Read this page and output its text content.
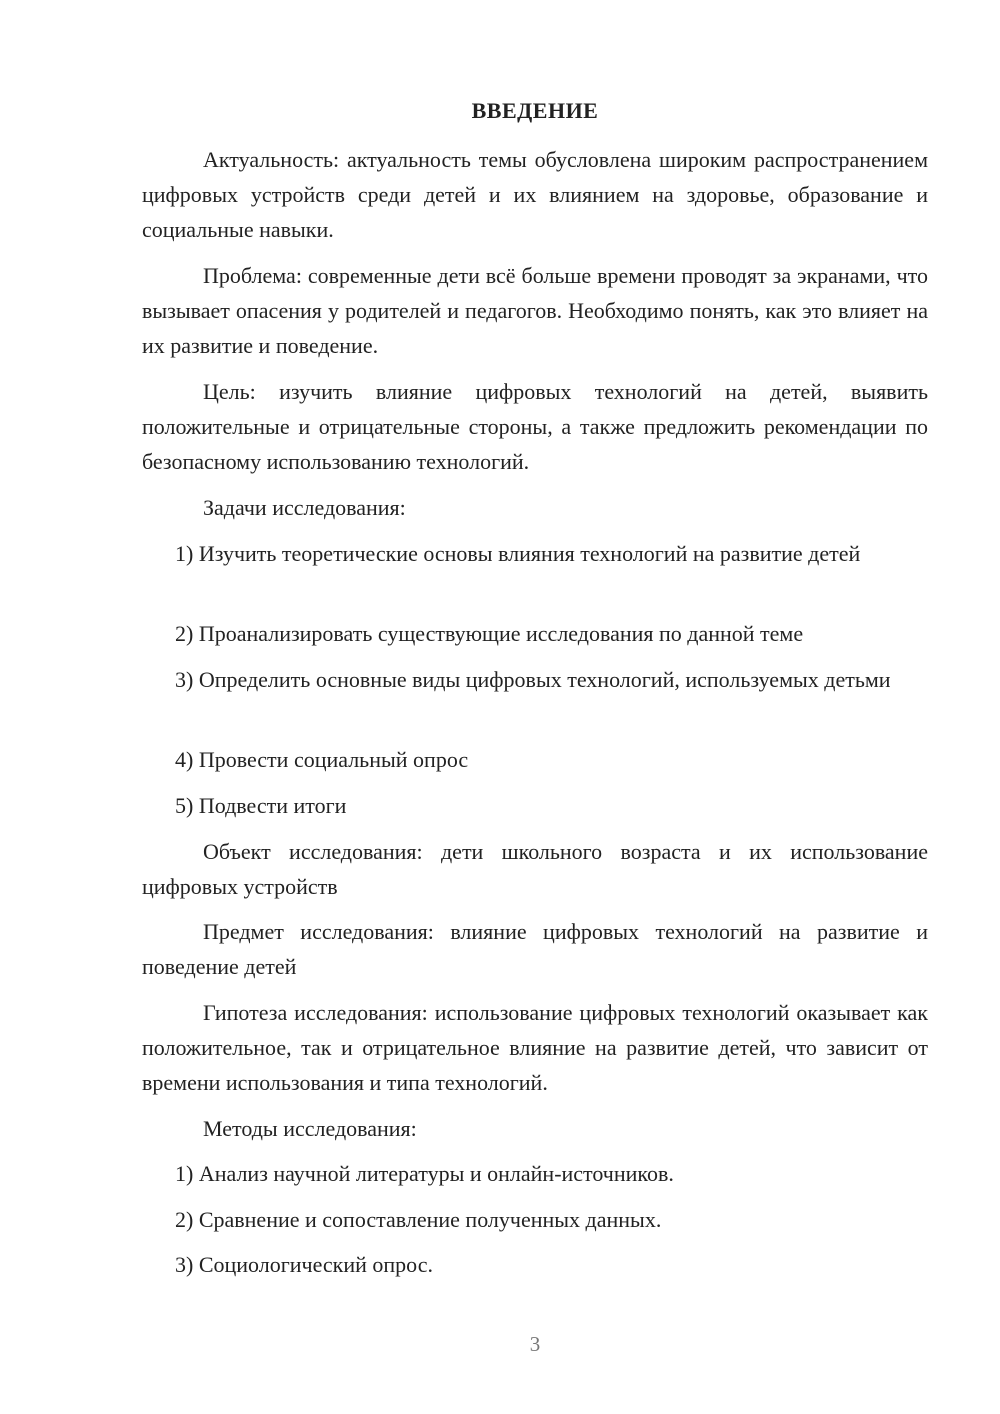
ВВЕДЕНИЕ

Актуальность: актуальность темы обусловлена широким распространением цифровых устройств среди детей и их влиянием на здоровье, образование и социальные навыки.

Проблема: современные дети всё больше времени проводят за экранами, что вызывает опасения у родителей и педагогов. Необходимо понять, как это влияет на их развитие и поведение.

Цель: изучить влияние цифровых технологий на детей, выявить положительные и отрицательные стороны, а также предложить рекомендации по безопасному использованию технологий.

Задачи исследования:

1) Изучить теоретические основы влияния технологий на развитие детей

2) Проанализировать существующие исследования по данной теме

3) Определить основные виды цифровых технологий, используемых детьми

4) Провести социальный опрос

5) Подвести итоги

Объект исследования: дети школьного возраста и их использование цифровых устройств

Предмет исследования: влияние цифровых технологий на развитие и поведение детей

Гипотеза исследования: использование цифровых технологий оказывает как положительное, так и отрицательное влияние на развитие детей, что зависит от времени использования и типа технологий.

Методы исследования:

1) Анализ научной литературы и онлайн-источников.

2) Сравнение и сопоставление полученных данных.

3) Социологический опрос.

3
